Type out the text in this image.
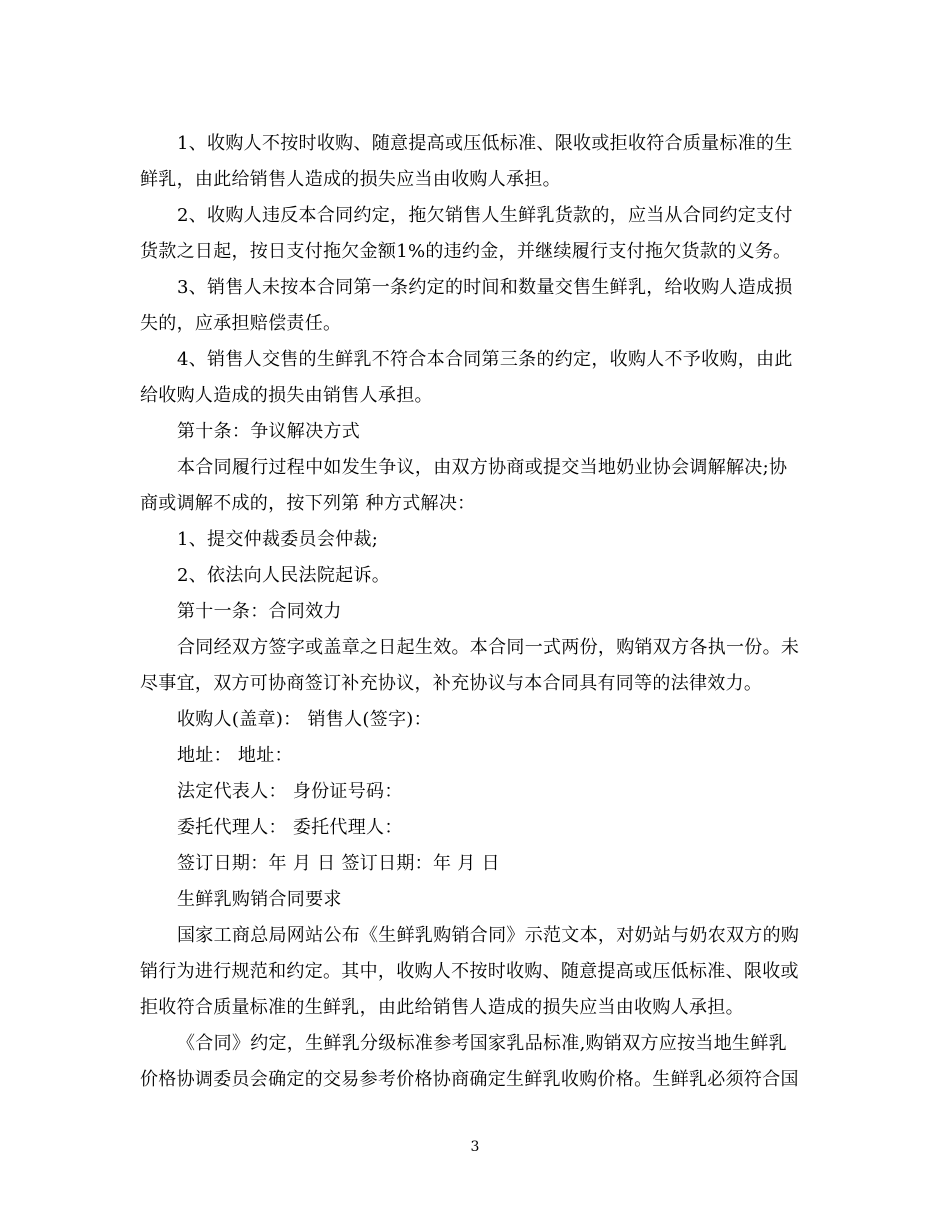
1、收购人不按时收购、随意提高或压低标准、限收或拒收符合质量标准的生
鲜乳，由此给销售人造成的损失应当由收购人承担。
2、收购人违反本合同约定，拖欠销售人生鲜乳货款的，应当从合同约定支付
货款之日起，按日支付拖欠金额1%的违约金，并继续履行支付拖欠货款的义务。
3、销售人未按本合同第一条约定的时间和数量交售生鲜乳，给收购人造成损
失的，应承担赔偿责任。
4、销售人交售的生鲜乳不符合本合同第三条的约定，收购人不予收购，由此
给收购人造成的损失由销售人承担。
第十条：争议解决方式
本合同履行过程中如发生争议，由双方协商或提交当地奶业协会调解解决;协
商或调解不成的，按下列第 种方式解决：
1、提交仲裁委员会仲裁;
2、依法向人民法院起诉。
第十一条：合同效力
合同经双方签字或盖章之日起生效。本合同一式两份，购销双方各执一份。未
尽事宜，双方可协商签订补充协议，补充协议与本合同具有同等的法律效力。
收购人(盖章)： 销售人(签字)：
地址： 地址：
法定代表人： 身份证号码：
委托代理人： 委托代理人：
签订日期：年 月 日 签订日期：年 月 日
生鲜乳购销合同要求
国家工商总局网站公布《生鲜乳购销合同》示范文本，对奶站与奶农双方的购
销行为进行规范和约定。其中，收购人不按时收购、随意提高或压低标准、限收或
拒收符合质量标准的生鲜乳，由此给销售人造成的损失应当由收购人承担。
《合同》约定，生鲜乳分级标准参考国家乳品标准,购销双方应按当地生鲜乳
价格协调委员会确定的交易参考价格协商确定生鲜乳收购价格。生鲜乳必须符合国
3
